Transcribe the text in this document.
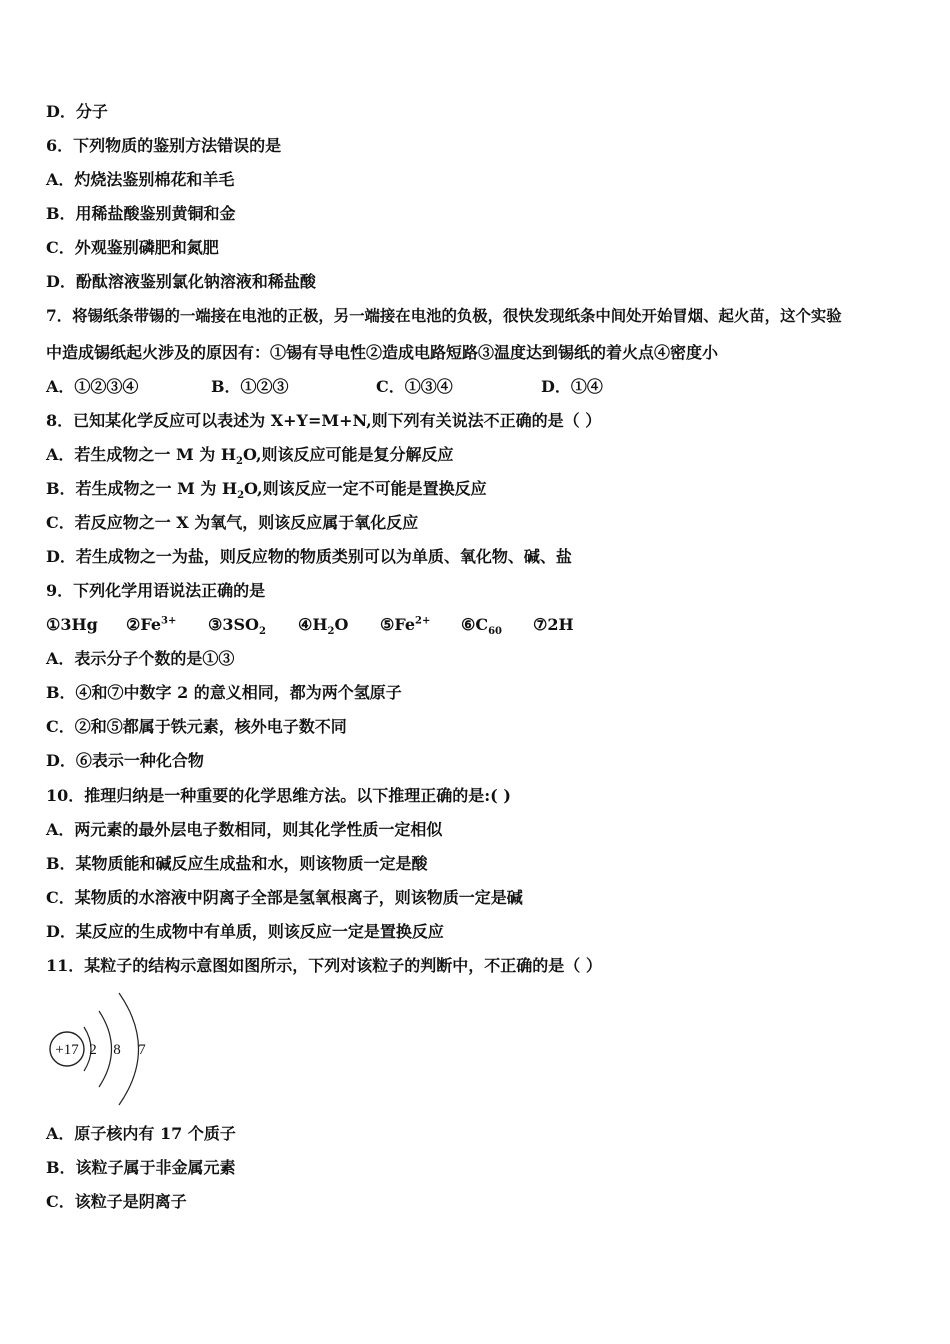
D．分子
6．下列物质的鉴别方法错误的是
A．灼烧法鉴别棉花和羊毛
B．用稀盐酸鉴别黄铜和金
C．外观鉴别磷肥和氮肥
D．酚酞溶液鉴别氯化钠溶液和稀盐酸
7．将锡纸条带锡的一端接在电池的正极，另一端接在电池的负极，很快发现纸条中间处开始冒烟、起火苗，这个实验
中造成锡纸起火涉及的原因有：①锡有导电性②造成电路短路③温度达到锡纸的着火点④密度小
A．①②③④	B．①②③	C．①③④	D．①④
8．已知某化学反应可以表述为 X+Y=M+N,则下列有关说法不正确的是（ ）
A．若生成物之一 M 为 $H_2O$,则该反应可能是复分解反应
B．若生成物之一 M 为 $H_2O$,则该反应一定不可能是置换反应
C．若反应物之一 X 为氧气，则该反应属于氧化反应
D．若生成物之一为盐，则反应物的物质类别可以为单质、氧化物、碱、盐
9．下列化学用语说法正确的是
①3Hg $②Fe^{3+}$ $③3SO_2$ $④H_2O$ $⑤Fe^{2+}$ $⑥C_{60}$ ⑦2H
A．表示分子个数的是①③
B．④和⑦中数字 2 的意义相同，都为两个氢原子
C．②和⑤都属于铁元素，核外电子数不同
D．⑥表示一种化合物
10．推理归纳是一种重要的化学思维方法。以下推理正确的是:( )
A．两元素的最外层电子数相同，则其化学性质一定相似
B．某物质能和碱反应生成盐和水，则该物质一定是酸
C．某物质的水溶液中阴离子全部是氢氧根离子，则该物质一定是碱
D．某反应的生成物中有单质，则该反应一定是置换反应
11．某粒子的结构示意图如图所示，下列对该粒子的判断中，不正确的是（ ）
+17 2 8 7
A．原子核内有 17 个质子
B．该粒子属于非金属元素
C．该粒子是阴离子
